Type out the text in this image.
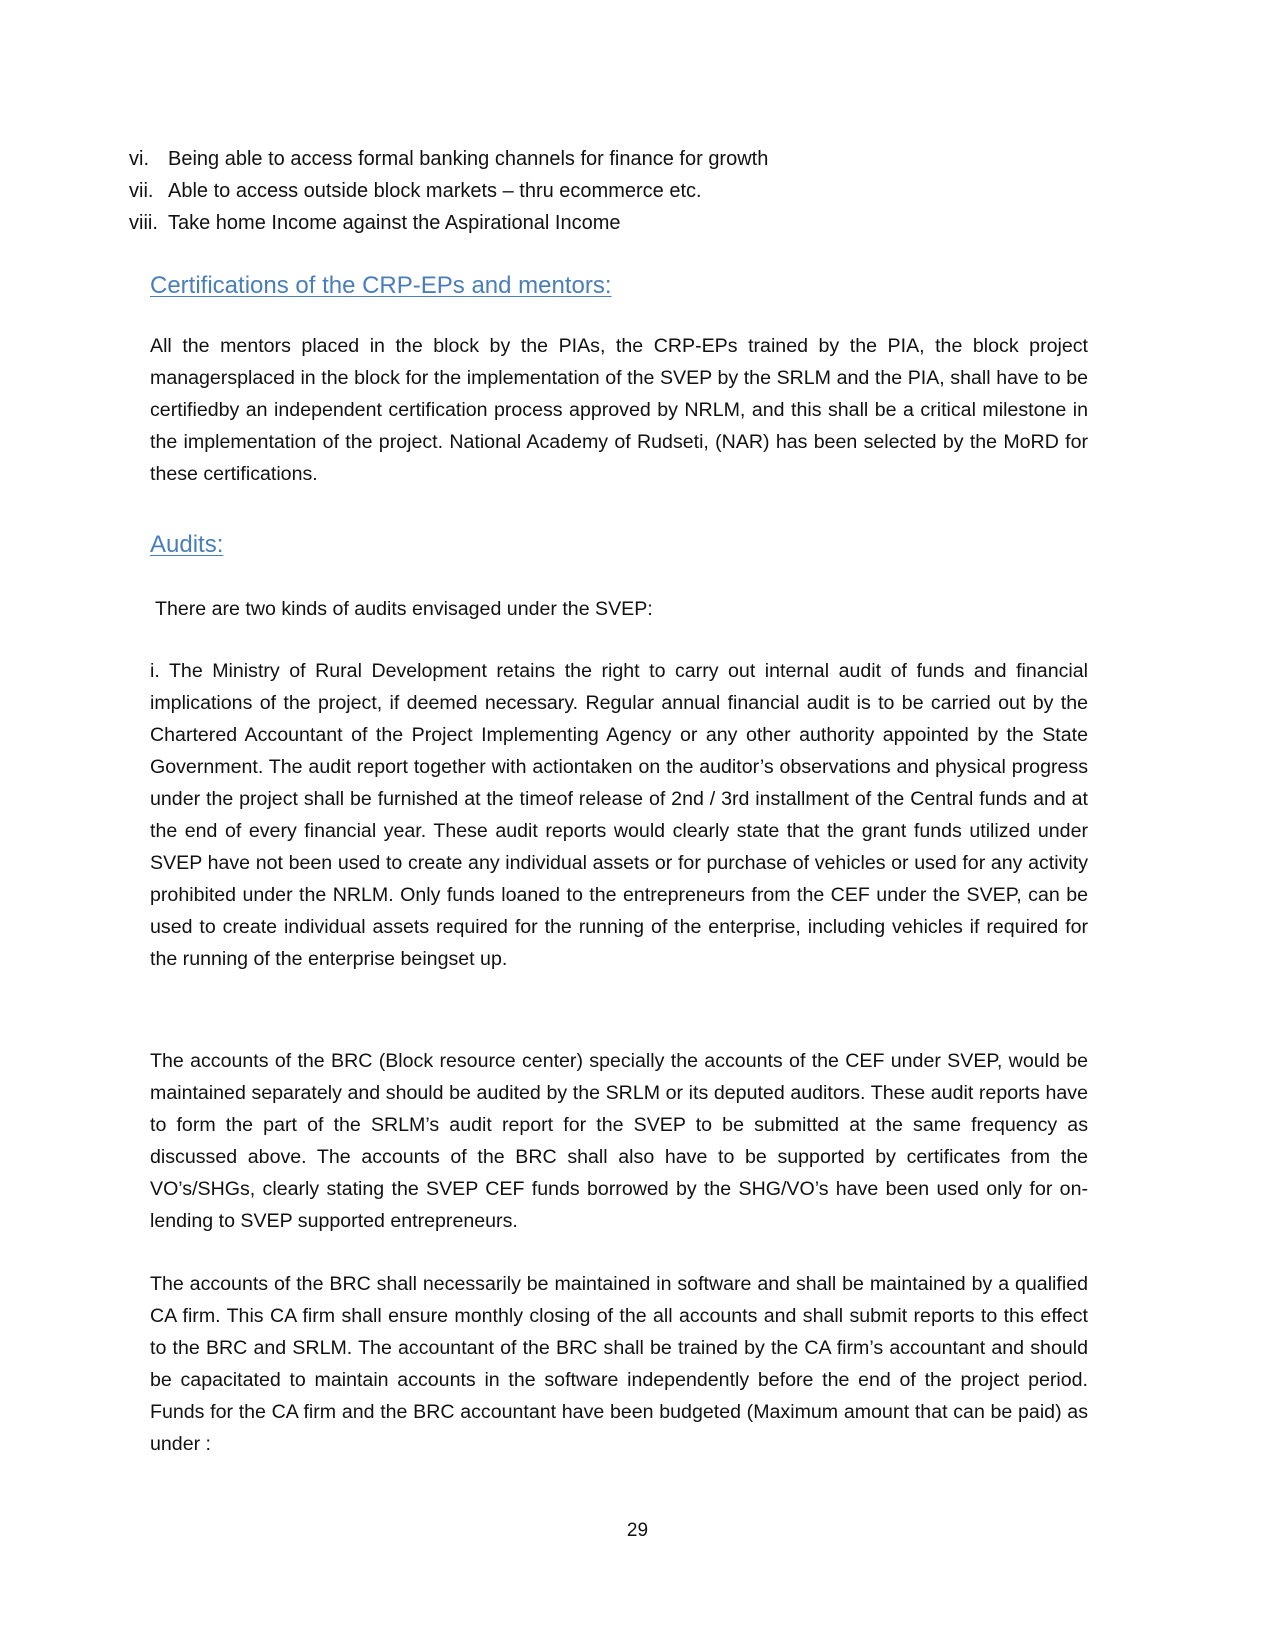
vi. Being able to access formal banking channels for finance for growth
vii. Able to access outside block markets – thru ecommerce etc.
viii. Take home Income against the Aspirational Income
Certifications of the CRP-EPs and mentors:

All the mentors placed in the block by the PIAs, the CRP-EPs trained by the PIA, the block project managersplaced in the block for the implementation of the SVEP by the SRLM and the PIA, shall have to be certifiedby an independent certification process approved by NRLM, and this shall be a critical milestone in the implementation of the project. National Academy of Rudseti, (NAR) has been selected by the MoRD for these certifications.

Audits:

There are two kinds of audits envisaged under the SVEP:

i. The Ministry of Rural Development retains the right to carry out internal audit of funds and financial implications of the project, if deemed necessary. Regular annual financial audit is to be carried out by the Chartered Accountant of the Project Implementing Agency or any other authority appointed by the State Government. The audit report together with actiontaken on the auditor’s observations and physical progress under the project shall be furnished at the timeof release of 2nd / 3rd installment of the Central funds and at the end of every financial year. These audit reports would clearly state that the grant funds utilized under SVEP have not been used to create any individual assets or for purchase of vehicles or used for any activity prohibited under the NRLM. Only funds loaned to the entrepreneurs from the CEF under the SVEP, can be used to create individual assets required for the running of the enterprise, including vehicles if required for the running of the enterprise beingset up.

The accounts of the BRC (Block resource center) specially the accounts of the CEF under SVEP, would be maintained separately and should be audited by the SRLM or its deputed auditors. These audit reports have to form the part of the SRLM’s audit report for the SVEP to be submitted at the same frequency as discussed above. The accounts of the BRC shall also have to be supported by certificates from the VO’s/SHGs, clearly stating the SVEP CEF funds borrowed by the SHG/VO’s have been used only for on- lending to SVEP supported entrepreneurs.

The accounts of the BRC shall necessarily be maintained in software and shall be maintained by a qualified CA firm. This CA firm shall ensure monthly closing of the all accounts and shall submit reports to this effect to the BRC and SRLM. The accountant of the BRC shall be trained by the CA firm’s accountant and should be capacitated to maintain accounts in the software independently before the end of the project period. Funds for the CA firm and the BRC accountant have been budgeted (Maximum amount that can be paid) as under :

29
